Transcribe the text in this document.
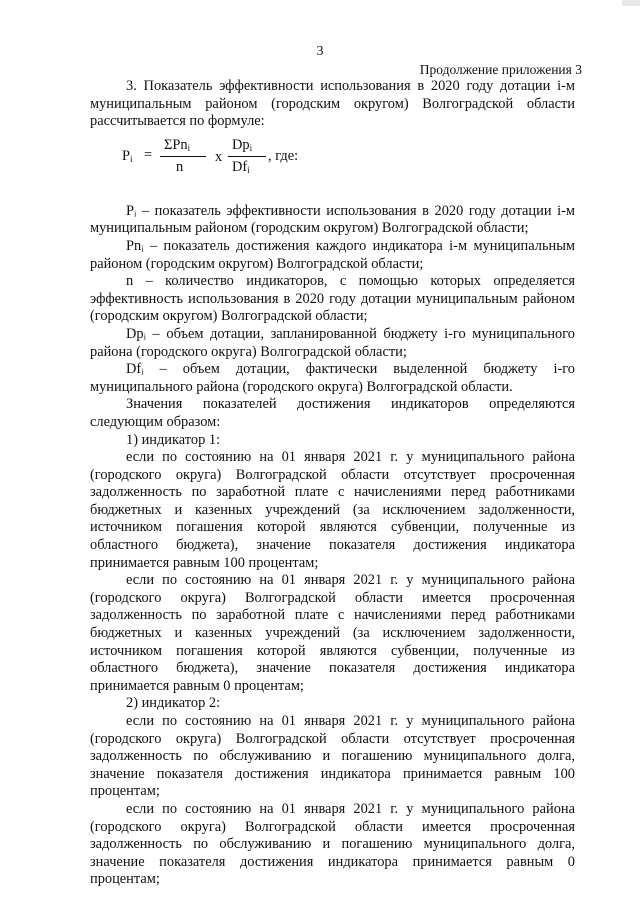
3
Продолжение приложения 3

3. Показатель эффективности использования в 2020 году дотации i-м муниципальным районом (городским округом) Волгоградской области рассчитывается по формуле:

$P_i$ =
ΣPn$_i$
n
x
$Dp_i$
$Df_i$
, где:

Pᵢ – показатель эффективности использования в 2020 году дотации i-м муниципальным районом (городским округом) Волгоградской области;

Pnᵢ – показатель достижения каждого индикатора i-м муниципальным районом (городским округом) Волгоградской области;

n – количество индикаторов, с помощью которых определяется эффективность использования в 2020 году дотации муниципальным районом (городским округом) Волгоградской области;

Dpᵢ – объем дотации, запланированной бюджету i-го муниципального района (городского округа) Волгоградской области;

Dfᵢ – объем дотации, фактически выделенной бюджету i-го муниципального района (городского округа) Волгоградской области.

Значения показателей достижения индикаторов определяются следующим образом:

1) индикатор 1:

если по состоянию на 01 января 2021 г. у муниципального района (городского округа) Волгоградской области отсутствует просроченная задолженность по заработной плате с начислениями перед работниками бюджетных и казенных учреждений (за исключением задолженности, источником погашения которой являются субвенции, полученные из областного бюджета), значение показателя достижения индикатора принимается равным 100 процентам;

если по состоянию на 01 января 2021 г. у муниципального района (городского округа) Волгоградской области имеется просроченная задолженность по заработной плате с начислениями перед работниками бюджетных и казенных учреждений (за исключением задолженности, источником погашения которой являются субвенции, полученные из областного бюджета), значение показателя достижения индикатора принимается равным 0 процентам;

2) индикатор 2:

если по состоянию на 01 января 2021 г. у муниципального района (городского округа) Волгоградской области отсутствует просроченная задолженность по обслуживанию и погашению муниципального долга, значение показателя достижения индикатора принимается равным 100 процентам;

если по состоянию на 01 января 2021 г. у муниципального района (городского округа) Волгоградской области имеется просроченная задолженность по обслуживанию и погашению муниципального долга, значение показателя достижения индикатора принимается равным 0 процентам;
